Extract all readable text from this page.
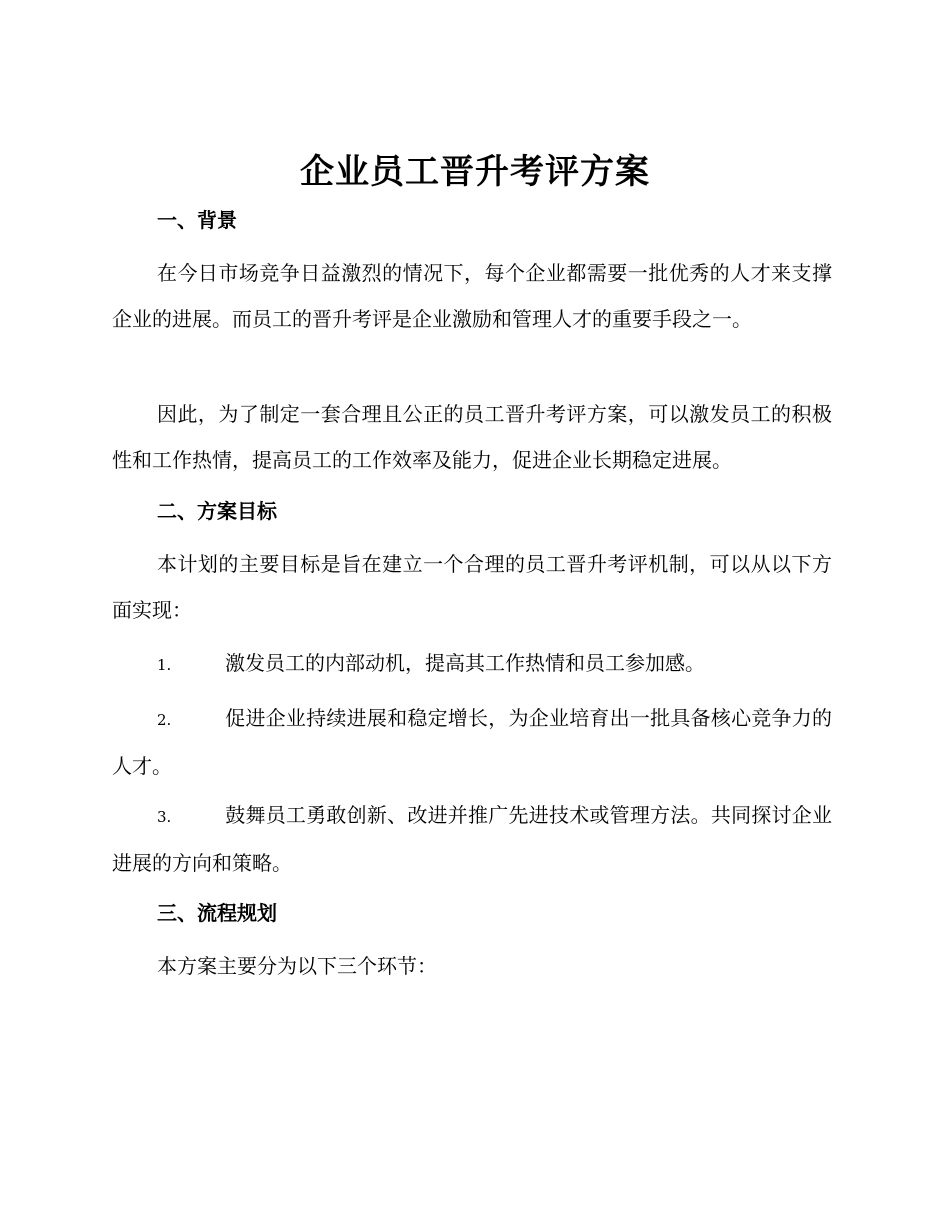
企业员工晋升考评方案
一、背景

在今日市场竞争日益激烈的情况下，每个企业都需要一批优秀的人才来支撑企业的进展。而员工的晋升考评是企业激励和管理人才的重要手段之一。

因此，为了制定一套合理且公正的员工晋升考评方案，可以激发员工的积极性和工作热情，提高员工的工作效率及能力，促进企业长期稳定进展。

二、方案目标

本计划的主要目标是旨在建立一个合理的员工晋升考评机制，可以从以下方面实现：

1.	激发员工的内部动机，提高其工作热情和员工参加感。

2.	促进企业持续进展和稳定增长，为企业培育出一批具备核心竞争力的人才。

3.	鼓舞员工勇敢创新、改进并推广先进技术或管理方法。共同探讨企业进展的方向和策略。

三、流程规划

本方案主要分为以下三个环节：
